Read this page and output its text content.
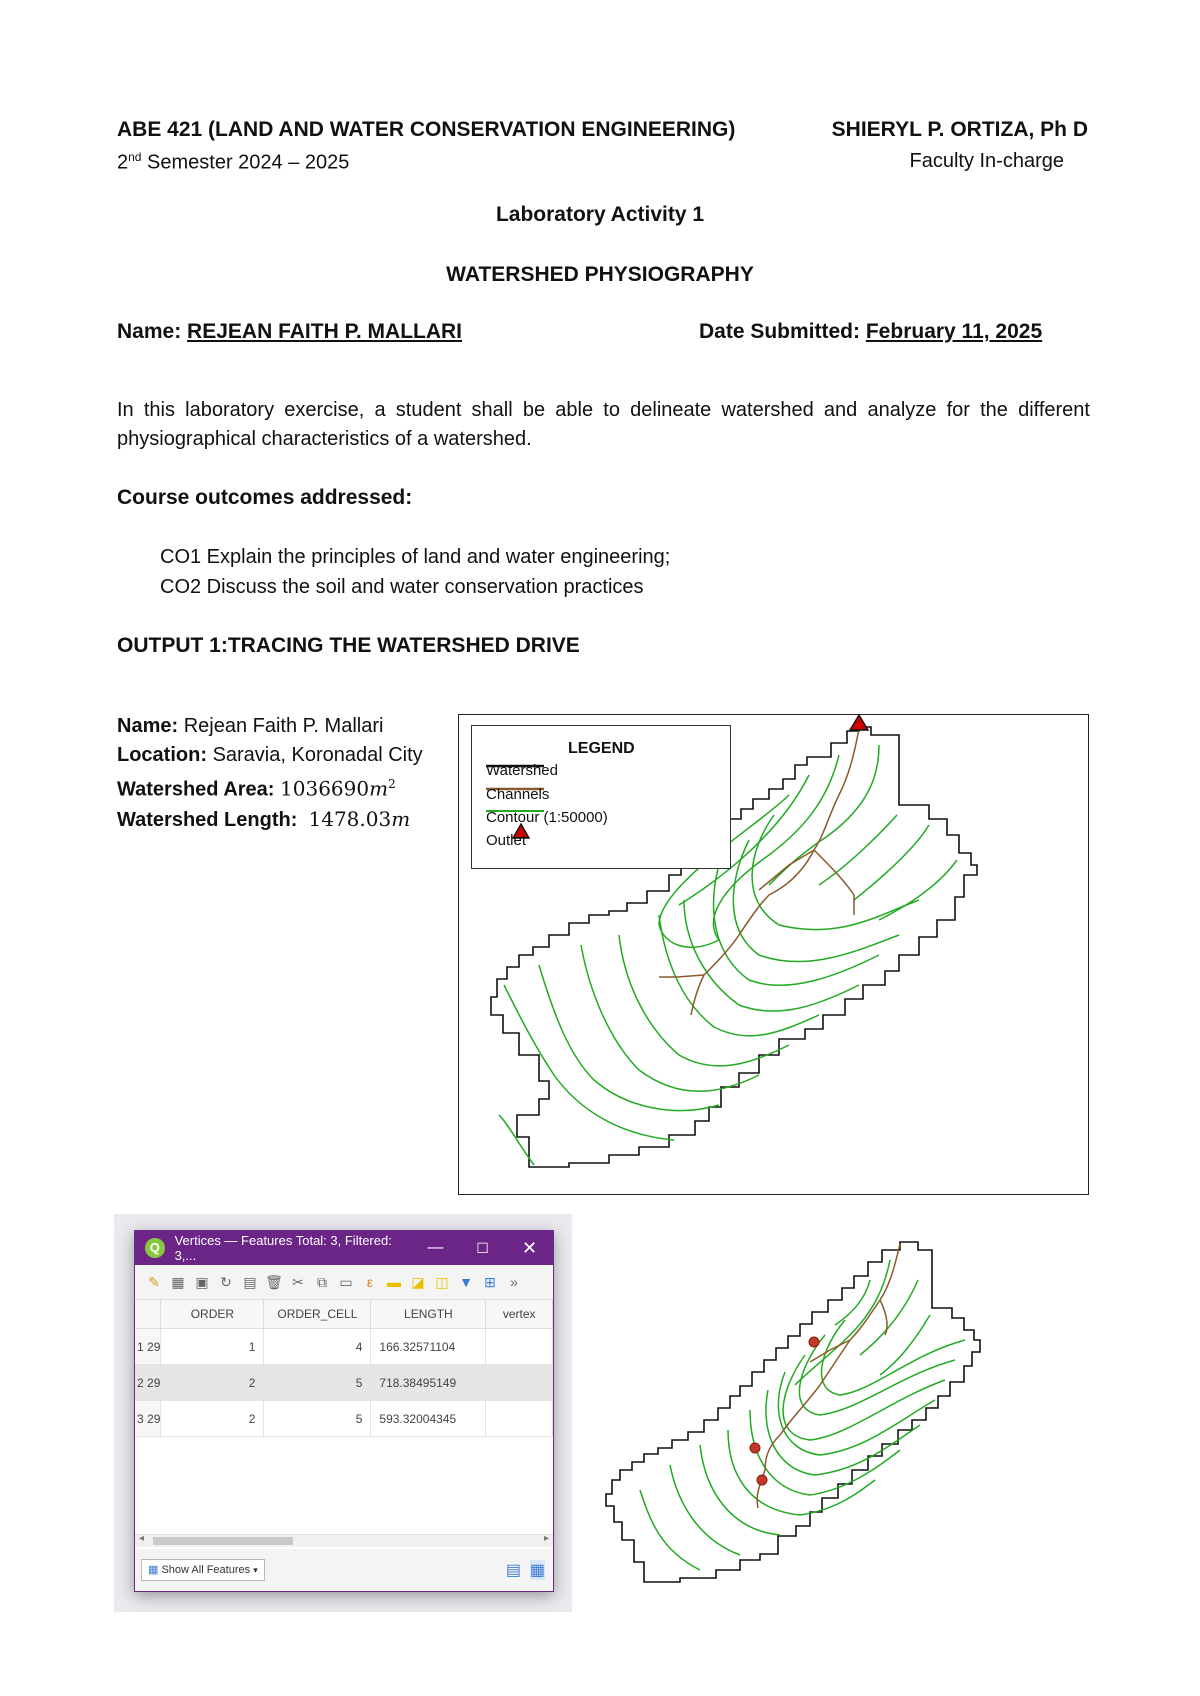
ABE 421 (LAND AND WATER CONSERVATION ENGINEERING)	SHIERYL P. ORTIZA, Ph D
2nd Semester 2024 – 2025	Faculty In-charge
Laboratory Activity 1
WATERSHED PHYSIOGRAPHY
Name: REJEAN FAITH P. MALLARI	Date Submitted: February 11, 2025
In this laboratory exercise, a student shall be able to delineate watershed and analyze for the different physiographical characteristics of a watershed.
Course outcomes addressed:
CO1 Explain the principles of land and water engineering;
CO2 Discuss the soil and water conservation practices
OUTPUT 1:TRACING THE WATERSHED DRIVE
Name: Rejean Faith P. Mallari
Location: Saravia, Koronadal City
Watershed Area: $1036690m^2$
Watershed Length: 1478.03m
LEGEND
Watershed
Channels
Contour (1:50000)
Outlet
Q	Vertices — Features Total: 3, Filtered: 3,...	—	☐	✕
✎ ▦ ▣ ↻ ▤ 🗑 ✂ ⧉ ▭	ε ▬ ◪ ◫ ▼ ⊞	»
	ORDER	ORDER_CELL	LENGTH	vertex
1 29	1	4	166.32571104	
2 29	2	5	718.38495149	
3 29	2	5	593.32004345	
◂	▸
▦ Show All Features ▾	▤ ▦
